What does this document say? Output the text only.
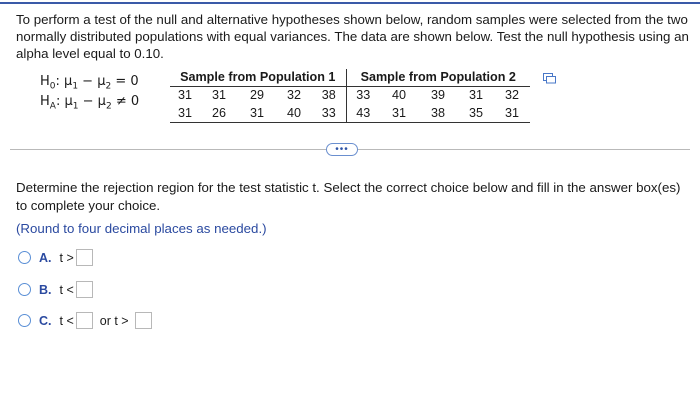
To perform a test of the null and alternative hypotheses shown below, random samples were selected from the two normally distributed populations with equal variances. The data are shown below. Test the null hypothesis using an alpha level equal to 0.10.
$H_0$: $\mu_1 - \mu_2 = 0$
$H_A$: $\mu_1 - \mu_2 \ne 0$
Sample from Population 1					Sample from Population 2				
31	31	29	32	38	33	40	39	31	32
31	26	31	40	33	43	31	38	35	31
•••
Determine the rejection region for the test statistic t. Select the correct choice below and fill in the answer box(es) to complete your choice.
(Round to four decimal places as needed.)
A. t >
B. t <
C. t < or t >
